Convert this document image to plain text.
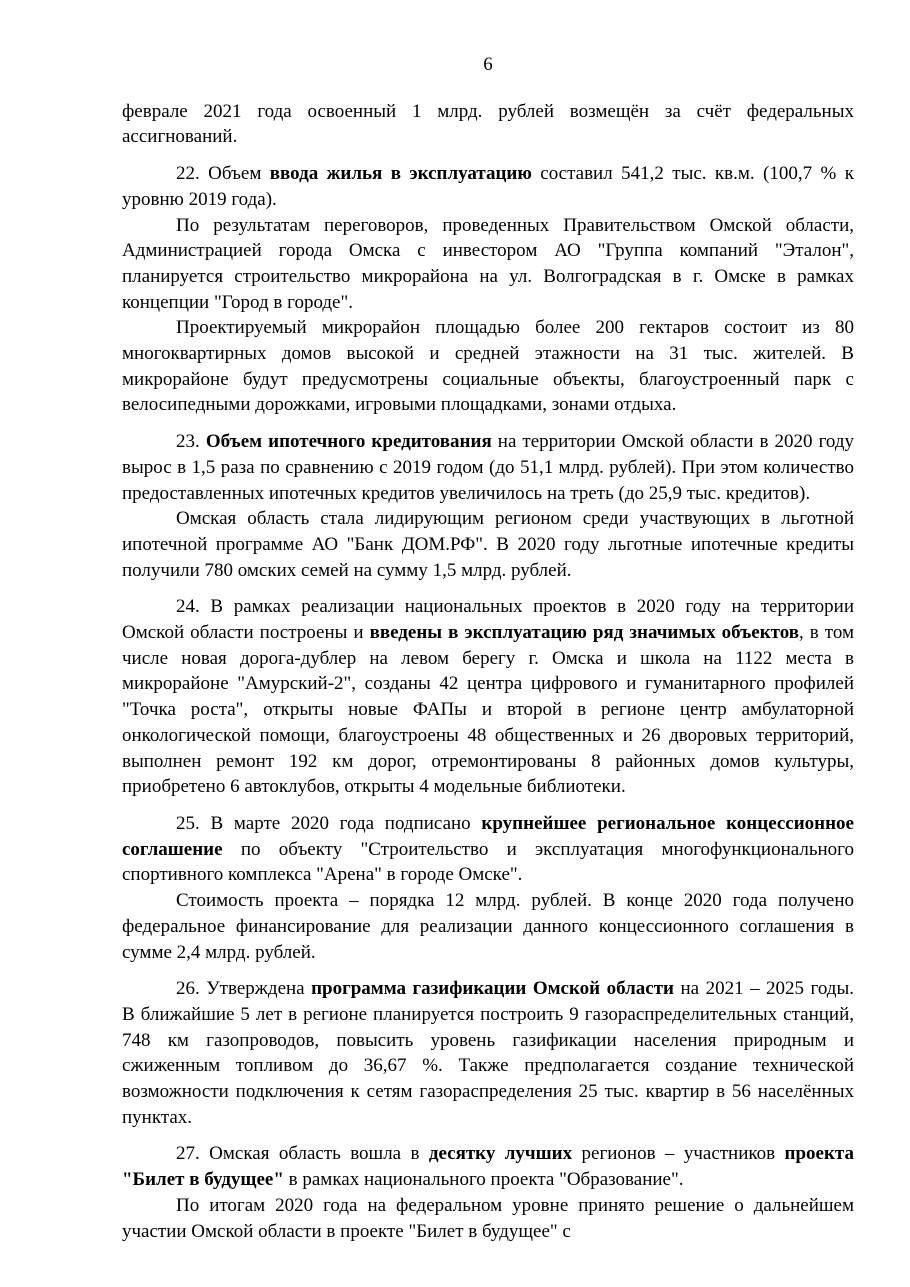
6

феврале 2021 года освоенный 1 млрд. рублей возмещён за счёт федеральных ассигнований.

22. Объем ввода жилья в эксплуатацию составил 541,2 тыс. кв.м. (100,7 % к уровню 2019 года).

По результатам переговоров, проведенных Правительством Омской области, Администрацией города Омска с инвестором АО "Группа компаний "Эталон", планируется строительство микрорайона на ул. Волгоградская в г. Омске в рамках концепции "Город в городе".

Проектируемый микрорайон площадью более 200 гектаров состоит из 80 многоквартирных домов высокой и средней этажности на 31 тыс. жителей. В микрорайоне будут предусмотрены социальные объекты, благоустроенный парк с велосипедными дорожками, игровыми площадками, зонами отдыха.

23. Объем ипотечного кредитования на территории Омской области в 2020 году вырос в 1,5 раза по сравнению с 2019 годом (до 51,1 млрд. рублей). При этом количество предоставленных ипотечных кредитов увеличилось на треть (до 25,9 тыс. кредитов).

Омская область стала лидирующим регионом среди участвующих в льготной ипотечной программе АО "Банк ДОМ.РФ". В 2020 году льготные ипотечные кредиты получили 780 омских семей на сумму 1,5 млрд. рублей.

24. В рамках реализации национальных проектов в 2020 году на территории Омской области построены и введены в эксплуатацию ряд значимых объектов, в том числе новая дорога-дублер на левом берегу г. Омска и школа на 1122 места в микрорайоне "Амурский-2", созданы 42 центра цифрового и гуманитарного профилей "Точка роста", открыты новые ФАПы и второй в регионе центр амбулаторной онкологической помощи, благоустроены 48 общественных и 26 дворовых территорий, выполнен ремонт 192 км дорог, отремонтированы 8 районных домов культуры, приобретено 6 автоклубов, открыты 4 модельные библиотеки.

25. В марте 2020 года подписано крупнейшее региональное концессионное соглашение по объекту "Строительство и эксплуатация многофункционального спортивного комплекса "Арена" в городе Омске".

Стоимость проекта – порядка 12 млрд. рублей. В конце 2020 года получено федеральное финансирование для реализации данного концессионного соглашения в сумме 2,4 млрд. рублей.

26. Утверждена программа газификации Омской области на 2021 – 2025 годы. В ближайшие 5 лет в регионе планируется построить 9 газораспределительных станций, 748 км газопроводов, повысить уровень газификации населения природным и сжиженным топливом до 36,67 %. Также предполагается создание технической возможности подключения к сетям газораспределения 25 тыс. квартир в 56 населённых пунктах.

27. Омская область вошла в десятку лучших регионов – участников проекта "Билет в будущее" в рамках национального проекта "Образование".

По итогам 2020 года на федеральном уровне принято решение о дальнейшем участии Омской области в проекте "Билет в будущее" с
